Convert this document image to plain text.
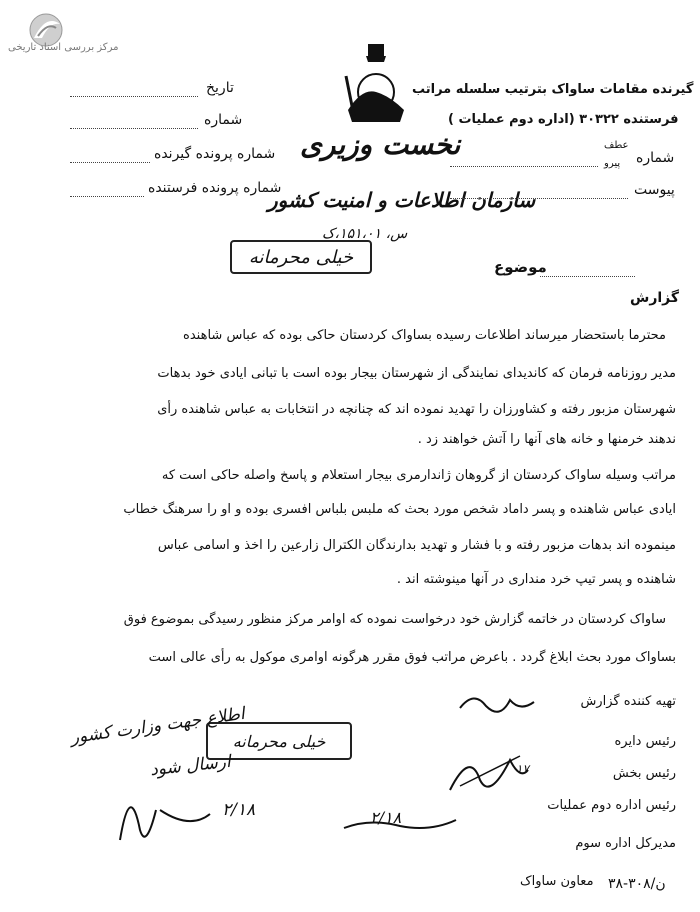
مرکز بررسی اسناد تاریخی
نخست وزیری
سازمان اطلاعات و امنیت کشور
تاریخ
شماره
شماره پرونده گیرنده
شماره پرونده فرستنده
گیرنده مقامات ساواک بترتیب سلسله مراتب
فرستنده ۳۰۳۲۲ (اداره دوم عملیات )
شماره
عطف
پیرو
پیوست
س، ۱۵۱،۰۱،ک
خیلی محرمانه	موضوع
گزارش
محترما باستحضار میرساند اطلاعات رسیده بساواک کردستان حاکی بوده که عباس شاهنده
مدیر روزنامه فرمان که کاندیدای نمایندگی از شهرستان بیجار بوده است با تبانی ایادی خود بدهات
شهرستان مزبور رفته و کشاورزان را تهدید نموده اند که چنانچه در انتخابات به عباس شاهنده رأی
ندهند خرمنها و خانه های آنها را آتش خواهند زد .
مراتب وسیله ساواک کردستان از گروهان ژاندارمری بیجار استعلام و پاسخ واصله حاکی است که
ایادی عباس شاهنده و پسر داماد شخص مورد بحث که ملبس بلباس افسری بوده و او را سرهنگ خطاب
مینموده اند بدهات مزبور رفته و با فشار و تهدید بدارندگان الکترال زارعین را اخذ و اسامی عباس
شاهنده و پسر تیپ خرد منداری در آنها مینوشته اند .
ساواک کردستان در خاتمه گزارش خود درخواست نموده که اوامر مرکز منظور رسیدگی بموضوع فوق
بساواک مورد بحث ابلاغ گردد . باعرض مراتب فوق مقرر هرگونه اوامری موکول به رأی عالی است
تهیه کننده گزارش
رئیس دایره
رئیس بخش
رئیس اداره دوم عملیات
مدیرکل اداره سوم
معاون ساواک ۳۸-۳۰۸/ن
خیلی محرمانه
اطلاع جهت وزارت کشور
ارسال شود
۲/۱۸	۲/۱۸
۱۷
